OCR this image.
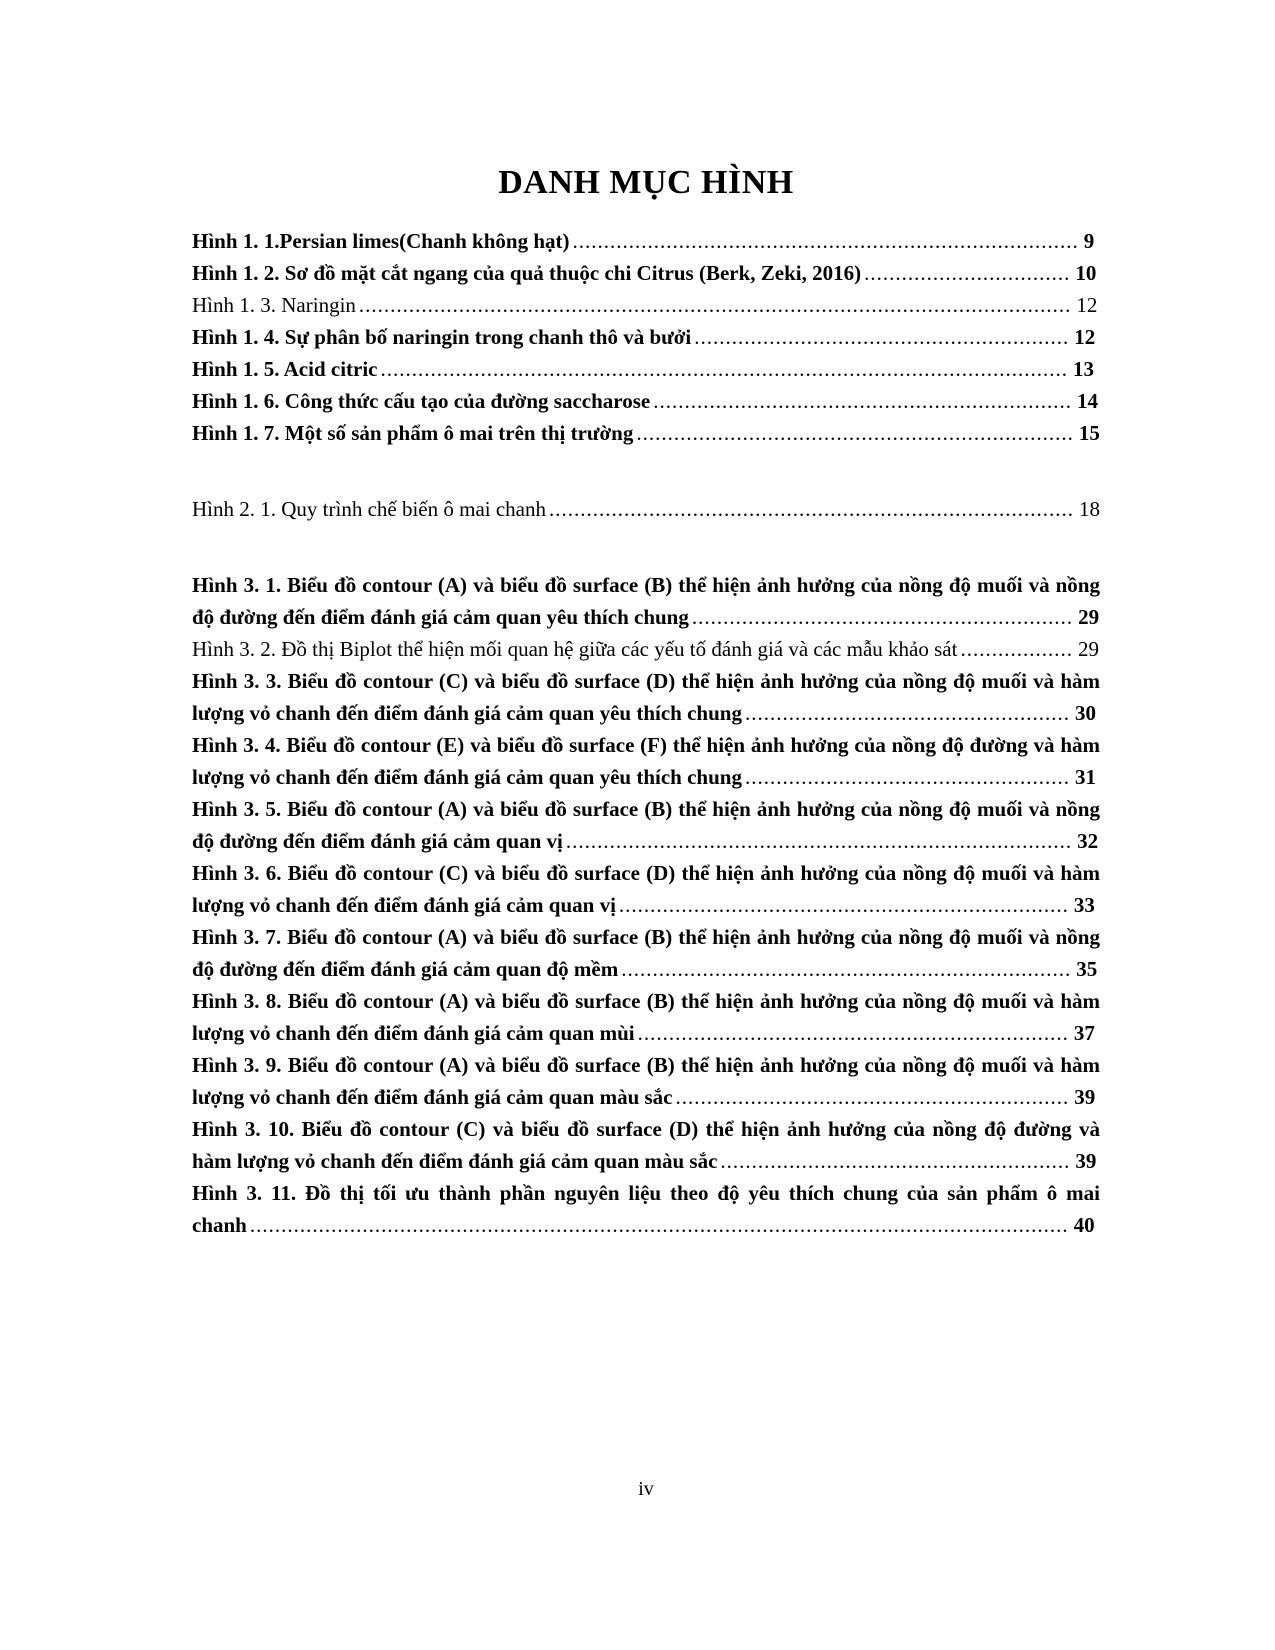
DANH MỤC HÌNH

Hình 1. 1.Persian limes(Chanh không hạt) ................................................................................. 9

Hình 1. 2. Sơ đồ mặt cắt ngang của quả thuộc chi Citrus (Berk, Zeki, 2016) ................................. 10

Hình 1. 3. Naringin .................................................................................................................. 12

Hình 1. 4. Sự phân bố naringin trong chanh thô và bưởi ............................................................ 12

Hình 1. 5. Acid citric .............................................................................................................. 13

Hình 1. 6. Công thức cấu tạo của đường saccharose ................................................................... 14

Hình 1. 7. Một số sản phẩm ô mai trên thị trường ...................................................................... 15

Hình 2. 1. Quy trình chế biến ô mai chanh .................................................................................... 18

Hình 3. 1. Biểu đồ contour (A) và biểu đồ surface (B) thể hiện ảnh hưởng của nồng độ muối và nồng độ đường đến điểm đánh giá cảm quan yêu thích chung ............................................................. 29

Hình 3. 2. Đồ thị Biplot thể hiện mối quan hệ giữa các yếu tố đánh giá và các mẫu khảo sát .................. 29

Hình 3. 3. Biểu đồ contour (C) và biểu đồ surface (D) thể hiện ảnh hưởng của nồng độ muối và hàm lượng vỏ chanh đến điểm đánh giá cảm quan yêu thích chung .................................................... 30

Hình 3. 4. Biểu đồ contour (E) và biểu đồ surface (F) thể hiện ảnh hưởng của nồng độ đường và hàm lượng vỏ chanh đến điểm đánh giá cảm quan yêu thích chung .................................................... 31

Hình 3. 5. Biểu đồ contour (A) và biểu đồ surface (B) thể hiện ảnh hưởng của nồng độ muối và nồng độ đường đến điểm đánh giá cảm quan vị ................................................................................. 32

Hình 3. 6. Biểu đồ contour (C) và biểu đồ surface (D) thể hiện ảnh hưởng của nồng độ muối và hàm lượng vỏ chanh đến điểm đánh giá cảm quan vị ........................................................................ 33

Hình 3. 7. Biểu đồ contour (A) và biểu đồ surface (B) thể hiện ảnh hưởng của nồng độ muối và nồng độ đường đến điểm đánh giá cảm quan độ mềm ........................................................................ 35

Hình 3. 8. Biểu đồ contour (A) và biểu đồ surface (B) thể hiện ảnh hưởng của nồng độ muối và hàm lượng vỏ chanh đến điểm đánh giá cảm quan mùi ..................................................................... 37

Hình 3. 9. Biểu đồ contour (A) và biểu đồ surface (B) thể hiện ảnh hưởng của nồng độ muối và hàm lượng vỏ chanh đến điểm đánh giá cảm quan màu sắc ............................................................... 39

Hình 3. 10. Biểu đồ contour (C) và biểu đồ surface (D) thể hiện ảnh hưởng của nồng độ đường và hàm lượng vỏ chanh đến điểm đánh giá cảm quan màu sắc ........................................................ 39

Hình 3. 11. Đồ thị tối ưu thành phần nguyên liệu theo độ yêu thích chung của sản phẩm ô mai chanh ................................................................................................................................... 40

iv
